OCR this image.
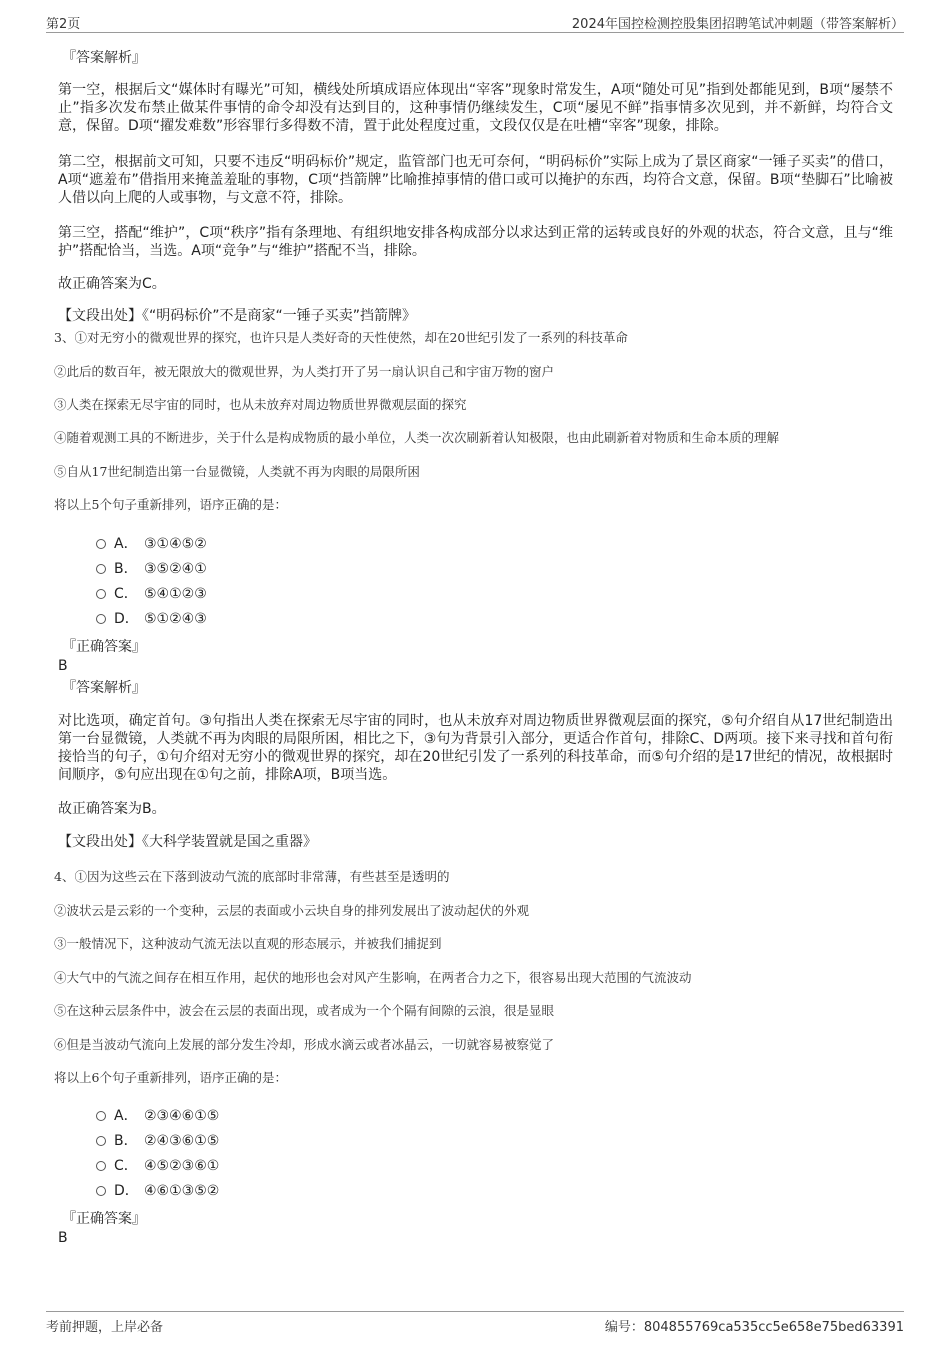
第2页	2024年国控检测控股集团招聘笔试冲刺题（带答案解析）
『答案解析』

第一空，根据后文“媒体时有曝光”可知，横线处所填成语应体现出“宰客”现象时常发生，A项“随处可见”指到处都能见到，B项“屡禁不止”指多次发布禁止做某件事情的命令却没有达到目的，这种事情仍继续发生，C项“屡见不鲜”指事情多次见到，并不新鲜，均符合文意，保留。D项“擢发难数”形容罪行多得数不清，置于此处程度过重，文段仅仅是在吐槽“宰客”现象，排除。

第二空，根据前文可知，只要不违反“明码标价”规定，监管部门也无可奈何，“明码标价”实际上成为了景区商家“一锤子买卖”的借口，A项“遮羞布”借指用来掩盖羞耻的事物，C项“挡箭牌”比喻推掉事情的借口或可以掩护的东西，均符合文意，保留。B项“垫脚石”比喻被人借以向上爬的人或事物，与文意不符，排除。

第三空，搭配“维护”，C项“秩序”指有条理地、有组织地安排各构成部分以求达到正常的运转或良好的外观的状态，符合文意，且与“维护”搭配恰当，当选。A项“竞争”与“维护”搭配不当，排除。

故正确答案为C。
【文段出处】《“明码标价”不是商家“一锤子买卖”挡箭牌》
3、①对无穷小的微观世界的探究，也许只是人类好奇的天性使然，却在20世纪引发了一系列的科技革命
②此后的数百年，被无限放大的微观世界，为人类打开了另一扇认识自己和宇宙万物的窗户
③人类在探索无尽宇宙的同时，也从未放弃对周边物质世界微观层面的探究
④随着观测工具的不断进步，关于什么是构成物质的最小单位，人类一次次刷新着认知极限，也由此刷新着对物质和生命本质的理解
⑤自从17世纪制造出第一台显微镜，人类就不再为肉眼的局限所困
将以上5个句子重新排列，语序正确的是：
A． ③①④⑤②
B． ③⑤②④①
C． ⑤④①②③
D． ⑤①②④③
『正确答案』
B
『答案解析』

对比选项，确定首句。③句指出人类在探索无尽宇宙的同时，也从未放弃对周边物质世界微观层面的探究，⑤句介绍自从17世纪制造出第一台显微镜，人类就不再为肉眼的局限所困，相比之下，③句为背景引入部分，更适合作首句，排除C、D两项。接下来寻找和首句衔接恰当的句子，①句介绍对无穷小的微观世界的探究，却在20世纪引发了一系列的科技革命，而⑤句介绍的是17世纪的情况，故根据时间顺序，⑤句应出现在①句之前，排除A项，B项当选。

故正确答案为B。
【文段出处】《大科学装置就是国之重器》
4、①因为这些云在下落到波动气流的底部时非常薄，有些甚至是透明的
②波状云是云彩的一个变种，云层的表面或小云块自身的排列发展出了波动起伏的外观
③一般情况下，这种波动气流无法以直观的形态展示，并被我们捕捉到
④大气中的气流之间存在相互作用，起伏的地形也会对风产生影响，在两者合力之下，很容易出现大范围的气流波动
⑤在这种云层条件中，波会在云层的表面出现，或者成为一个个隔有间隙的云浪，很是显眼
⑥但是当波动气流向上发展的部分发生冷却，形成水滴云或者冰晶云，一切就容易被察觉了
将以上6个句子重新排列，语序正确的是：
A． ②③④⑥①⑤
B． ②④③⑥①⑤
C． ④⑤②③⑥①
D． ④⑥①③⑤②
『正确答案』
B
考前押题，上岸必备	编号：804855769ca535cc5e658e75bed63391
